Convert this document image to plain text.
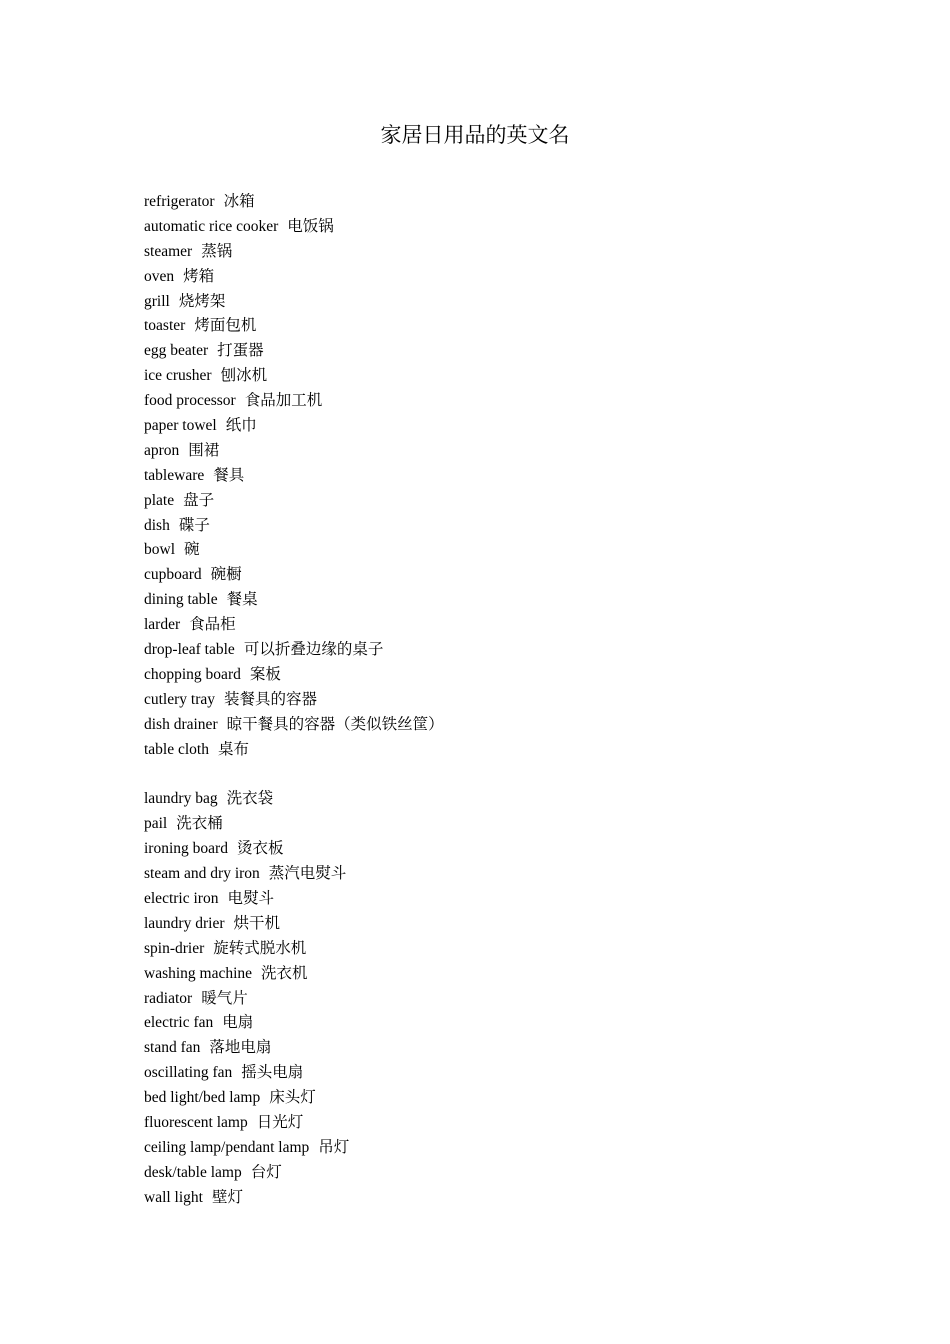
家居日用品的英文名
refrigerator 冰箱
automatic rice cooker 电饭锅
steamer 蒸锅
oven 烤箱
grill 烧烤架
toaster 烤面包机
egg beater 打蛋器
ice crusher 刨冰机
food processor 食品加工机
paper towel 纸巾
apron 围裙
tableware 餐具
plate 盘子
dish 碟子
bowl 碗
cupboard 碗橱
dining table 餐桌
larder 食品柜
drop-leaf table 可以折叠边缘的桌子
chopping board 案板
cutlery tray 装餐具的容器
dish drainer 晾干餐具的容器（类似铁丝筐）
table cloth 桌布
laundry bag 洗衣袋
pail 洗衣桶
ironing board 烫衣板
steam and dry iron 蒸汽电熨斗
electric iron 电熨斗
laundry drier 烘干机
spin-drier 旋转式脱水机
washing machine 洗衣机
radiator 暖气片
electric fan 电扇
stand fan 落地电扇
oscillating fan 摇头电扇
bed light/bed lamp 床头灯
fluorescent lamp 日光灯
ceiling lamp/pendant lamp 吊灯
desk/table lamp 台灯
wall light 壁灯
